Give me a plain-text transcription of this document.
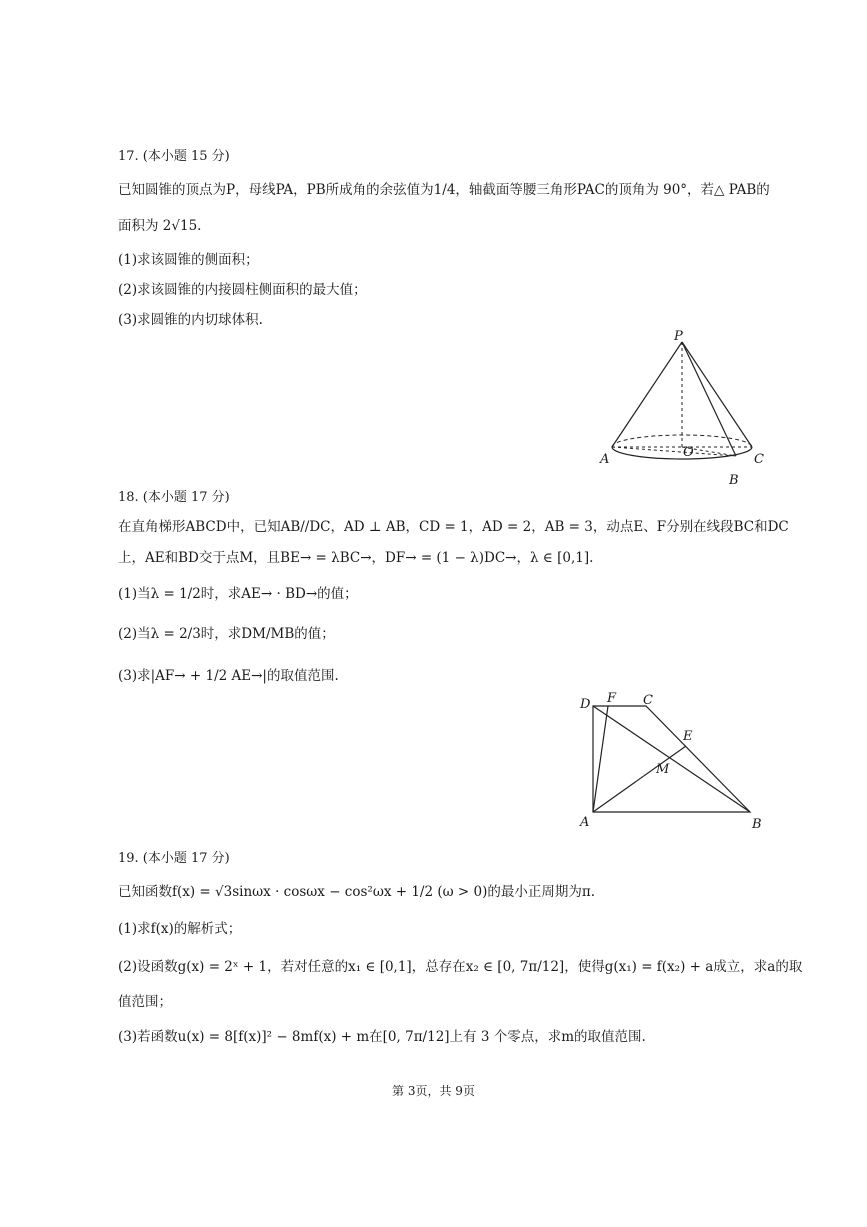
17. (本小题 15 分)
已知圆锥的顶点为P，母线PA，PB所成角的余弦值为1/4，轴截面等腰三角形PAC的顶角为 90°，若△ PAB的
面积为 2√15.
(1)求该圆锥的侧面积；
(2)求该圆锥的内接圆柱侧面积的最大值；
(3)求圆锥的内切球体积.
P
A	O	C
B
18. (本小题 17 分)
在直角梯形ABCD中，已知AB//DC，AD ⊥ AB，CD = 1，AD = 2，AB = 3，动点E、F分别在线段BC和DC
上，AE和BD交于点M，且BE→ = λBC→，DF→ = (1 − λ)DC→，λ ∈ [0,1].
(1)当λ = 1/2时，求AE→ · BD→的值；
(2)当λ = 2/3时，求DM/MB的值；
(3)求|AF→ + 1/2 AE→|的取值范围.
D F C
E
M
A	B
19. (本小题 17 分)
已知函数f(x) = √3sinωx · cosωx − cos²ωx + 1/2 (ω > 0)的最小正周期为π.
(1)求f(x)的解析式；
(2)设函数g(x) = 2ˣ + 1，若对任意的x₁ ∈ [0,1]，总存在x₂ ∈ [0, 7π/12]，使得g(x₁) = f(x₂) + a成立，求a的取
值范围；
(3)若函数u(x) = 8[f(x)]² − 8mf(x) + m在[0, 7π/12]上有 3 个零点，求m的取值范围.
第 3页，共 9页
